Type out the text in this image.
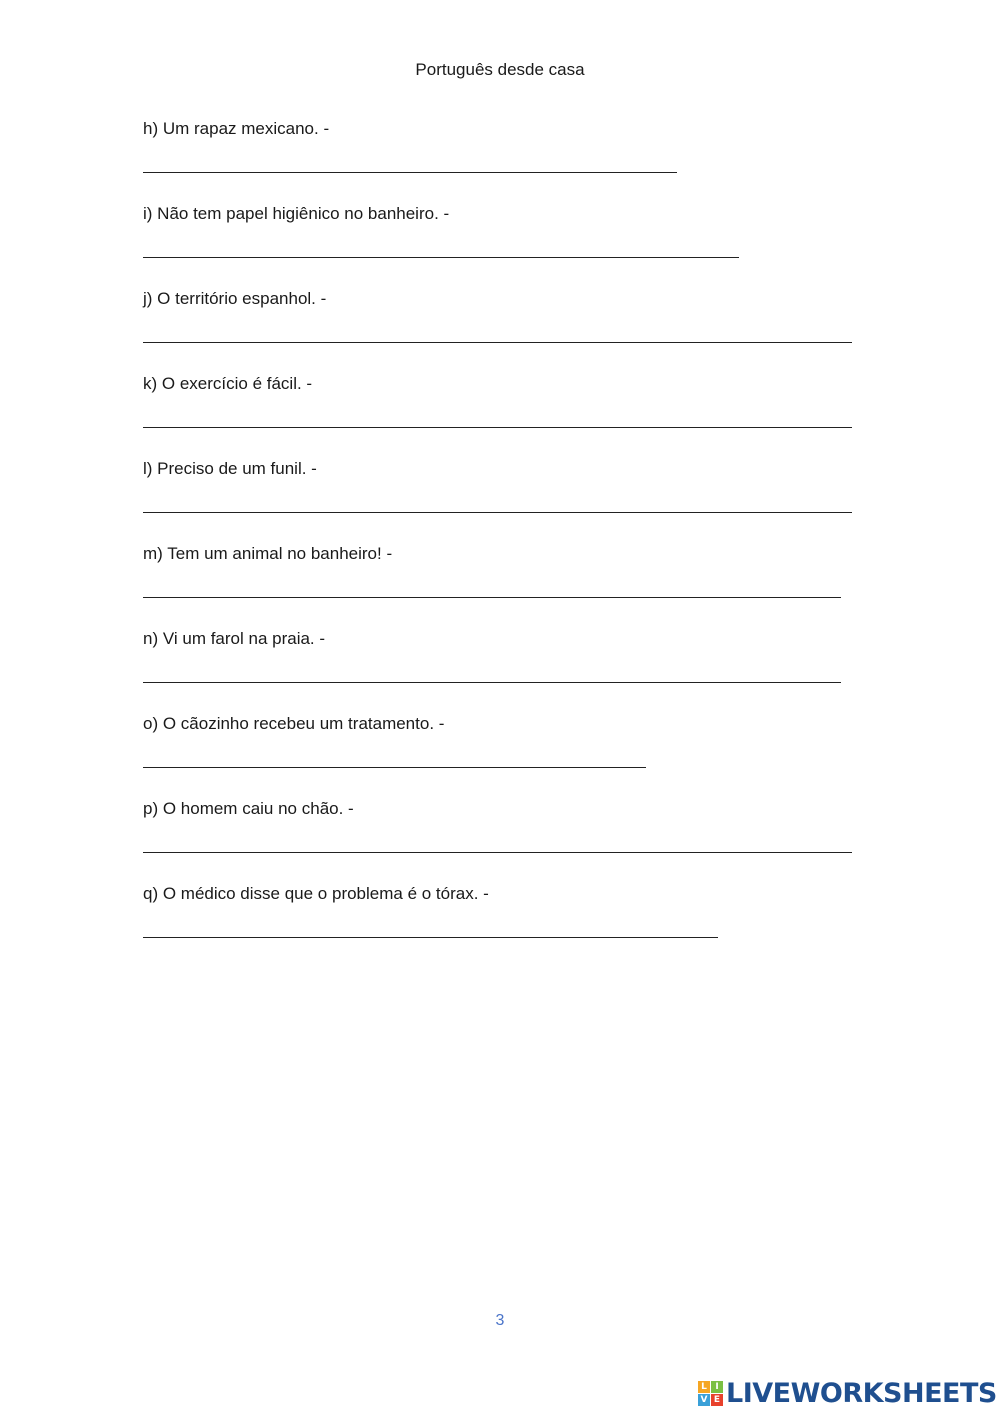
Português desde casa
h) Um rapaz mexicano. -
i) Não tem papel higiênico no banheiro. -
j) O território espanhol. -
k) O exercício é fácil. -
l) Preciso de um funil. -
m) Tem um animal no banheiro! -
n) Vi um farol na praia. -
o) O cãozinho recebeu um tratamento. -
p) O homem caiu no chão. -
q) O médico disse que o problema é o tórax. -
3
L I
V E LIVEWORKSHEETS
